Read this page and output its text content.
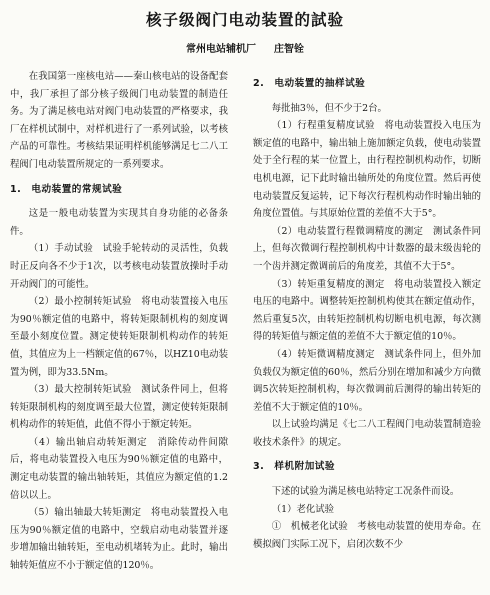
核子级阀门电动装置的試验
常州电站辅机厂 庄智铨

在我国第一座核电站——秦山核电站的设备配套中，我厂承担了部分核子级阀门电动装置的制造任务。为了满足核电站对阀门电动装置的严格要求，我厂在样机试制中，对样机进行了一系列试验，以考核产品的可靠性。考核结果证明样机能够满足七二八工程阀门电动装置所规定的一系列要求。

1.　电动装置的常规试验

这是一般电动装置为实现其自身功能的必备条件。

（1）手动试验　试验手轮转动的灵活性，负载时正反向各不少于1次，以考核电动装置放操时手动开动阀门的可能性。

（2）最小控制转矩试验　将电动装置接入电压为90％额定值的电路中，将转矩限制机构的刻度调至最小刻度位置。测定使转矩限制机构动作的转矩值，其值应为上一档额定值的67％，以HZ10电动装置为例，即为33.5Nm。

（3）最大控制转矩试验　测试条件同上，但将转矩限制机构的刻度调至最大位置，测定使转矩限制机构动作的转矩值，此值不得小于额定转矩。

（4）输出轴启动转矩测定　消除传动件间隙后，将电动装置投入电压为90％额定值的电路中，测定电动装置的输出轴转矩，其值应为额定值的1.2倍以以上。

（5）输出轴最大转矩测定　将电动装置投入电压为90％额定值的电路中，空载启动电动装置并逐步增加输出轴转矩，至电动机堵转为止。此时，输出轴转矩值应不小于额定值的120％。

2.　电动装置的抽样试验

每批抽3％，但不少于2台。

（1）行程重复精度试验　将电动装置投入电压为额定值的电路中，输出轴上施加额定负载，使电动装置处于全行程的某一位置上，由行程控制机构动作，切断电机电源，记下此时输出轴所处的角度位置。然后再使电动装置反复运转，记下每次行程机构动作时输出轴的角度位置值。与其原始位置的差值不大于5°。

（2）电动装置行程微调精度的测定　测试条件同上，但每次微调行程控制机构中计数器的最末级齿轮的一个齿并测定微调前后的角度差，其值不大于5°。

（3）转矩重复精度的测定　将电动装置投入额定电压的电路中。调整转矩控制机构使其在额定值动作，然后重复5次，由转矩控制机构切断电机电源，每次测得的转矩值与额定值的差值不大于额定值的10％。

（4）转矩微调精度测定　测试条件同上，但外加负载仅为额定值的60％，然后分别在增加和减少方向微调5次转矩控制机构，每次微调前后测得的输出转矩的差值不大于额定值的10％。

以上试验均满足《七二八工程阀门电动装置制造验收技术条件》的规定。

3.　样机附加试验

下述的试验为满足核电站特定工况条件而设。

（1）老化试验

①　机械老化试验　考核电动装置的使用寿命。在模拟阀门实际工况下，启闭次数不少
